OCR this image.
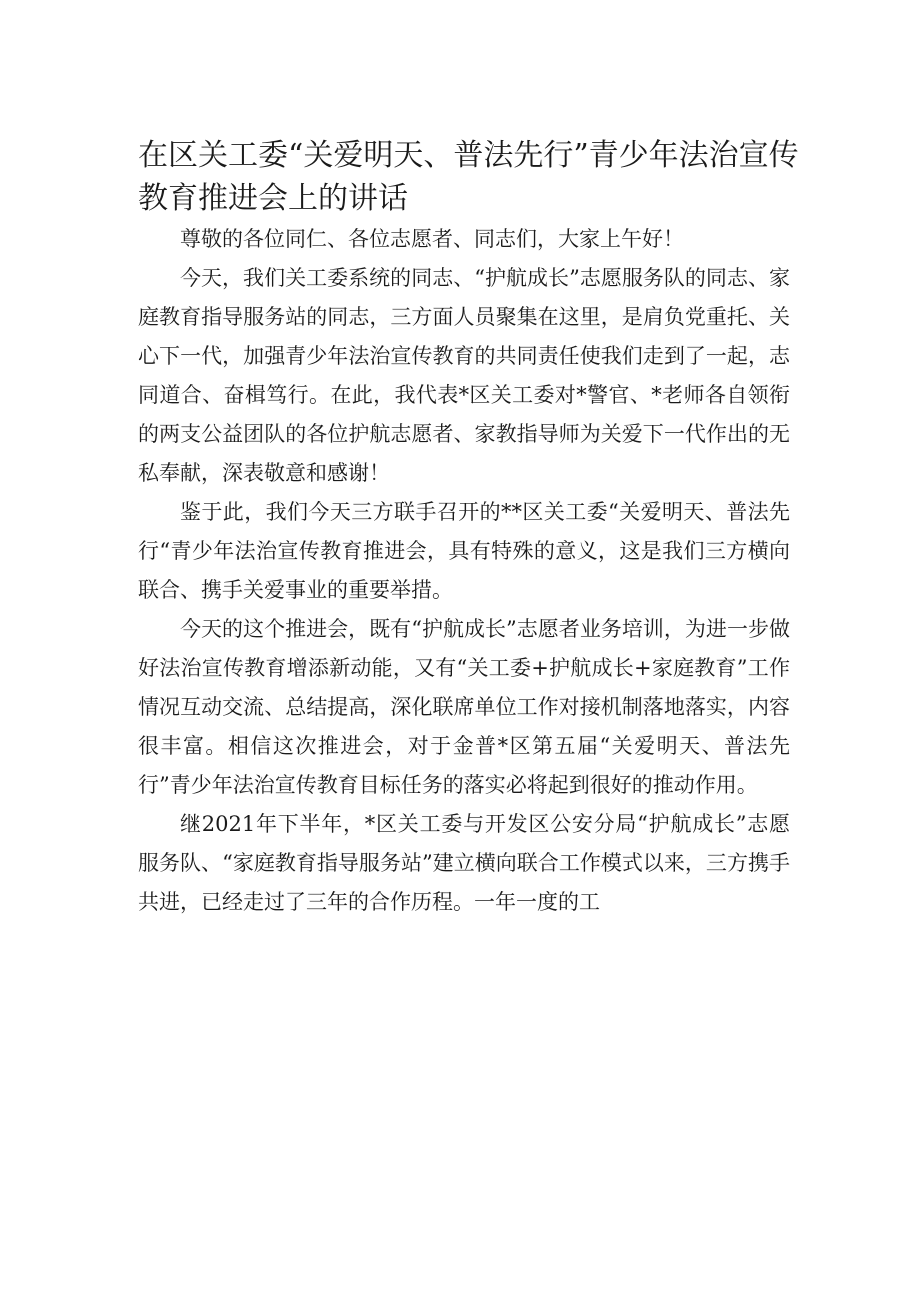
在区关工委“关爱明天、普法先行”青少年法治宣传教育推进会上的讲话

尊敬的各位同仁、各位志愿者、同志们，大家上午好！

今天，我们关工委系统的同志、“护航成长”志愿服务队的同志、家庭教育指导服务站的同志，三方面人员聚集在这里，是肩负党重托、关心下一代，加强青少年法治宣传教育的共同责任使我们走到了一起，志同道合、奋楫笃行。在此，我代表*区关工委对*警官、*老师各自领衔的两支公益团队的各位护航志愿者、家教指导师为关爱下一代作出的无私奉献，深表敬意和感谢！

鉴于此，我们今天三方联手召开的**区关工委“关爱明天、普法先行“青少年法治宣传教育推进会，具有特殊的意义，这是我们三方横向联合、携手关爱事业的重要举措。

今天的这个推进会，既有“护航成长”志愿者业务培训，为进一步做好法治宣传教育增添新动能，又有“关工委+护航成长+家庭教育”工作情况互动交流、总结提高，深化联席单位工作对接机制落地落实，内容很丰富。相信这次推进会，对于金普*区第五届“关爱明天、普法先行”青少年法治宣传教育目标任务的落实必将起到很好的推动作用。

继2021年下半年，*区关工委与开发区公安分局“护航成长”志愿服务队、“家庭教育指导服务站”建立横向联合工作模式以来，三方携手共进，已经走过了三年的合作历程。一年一度的工
